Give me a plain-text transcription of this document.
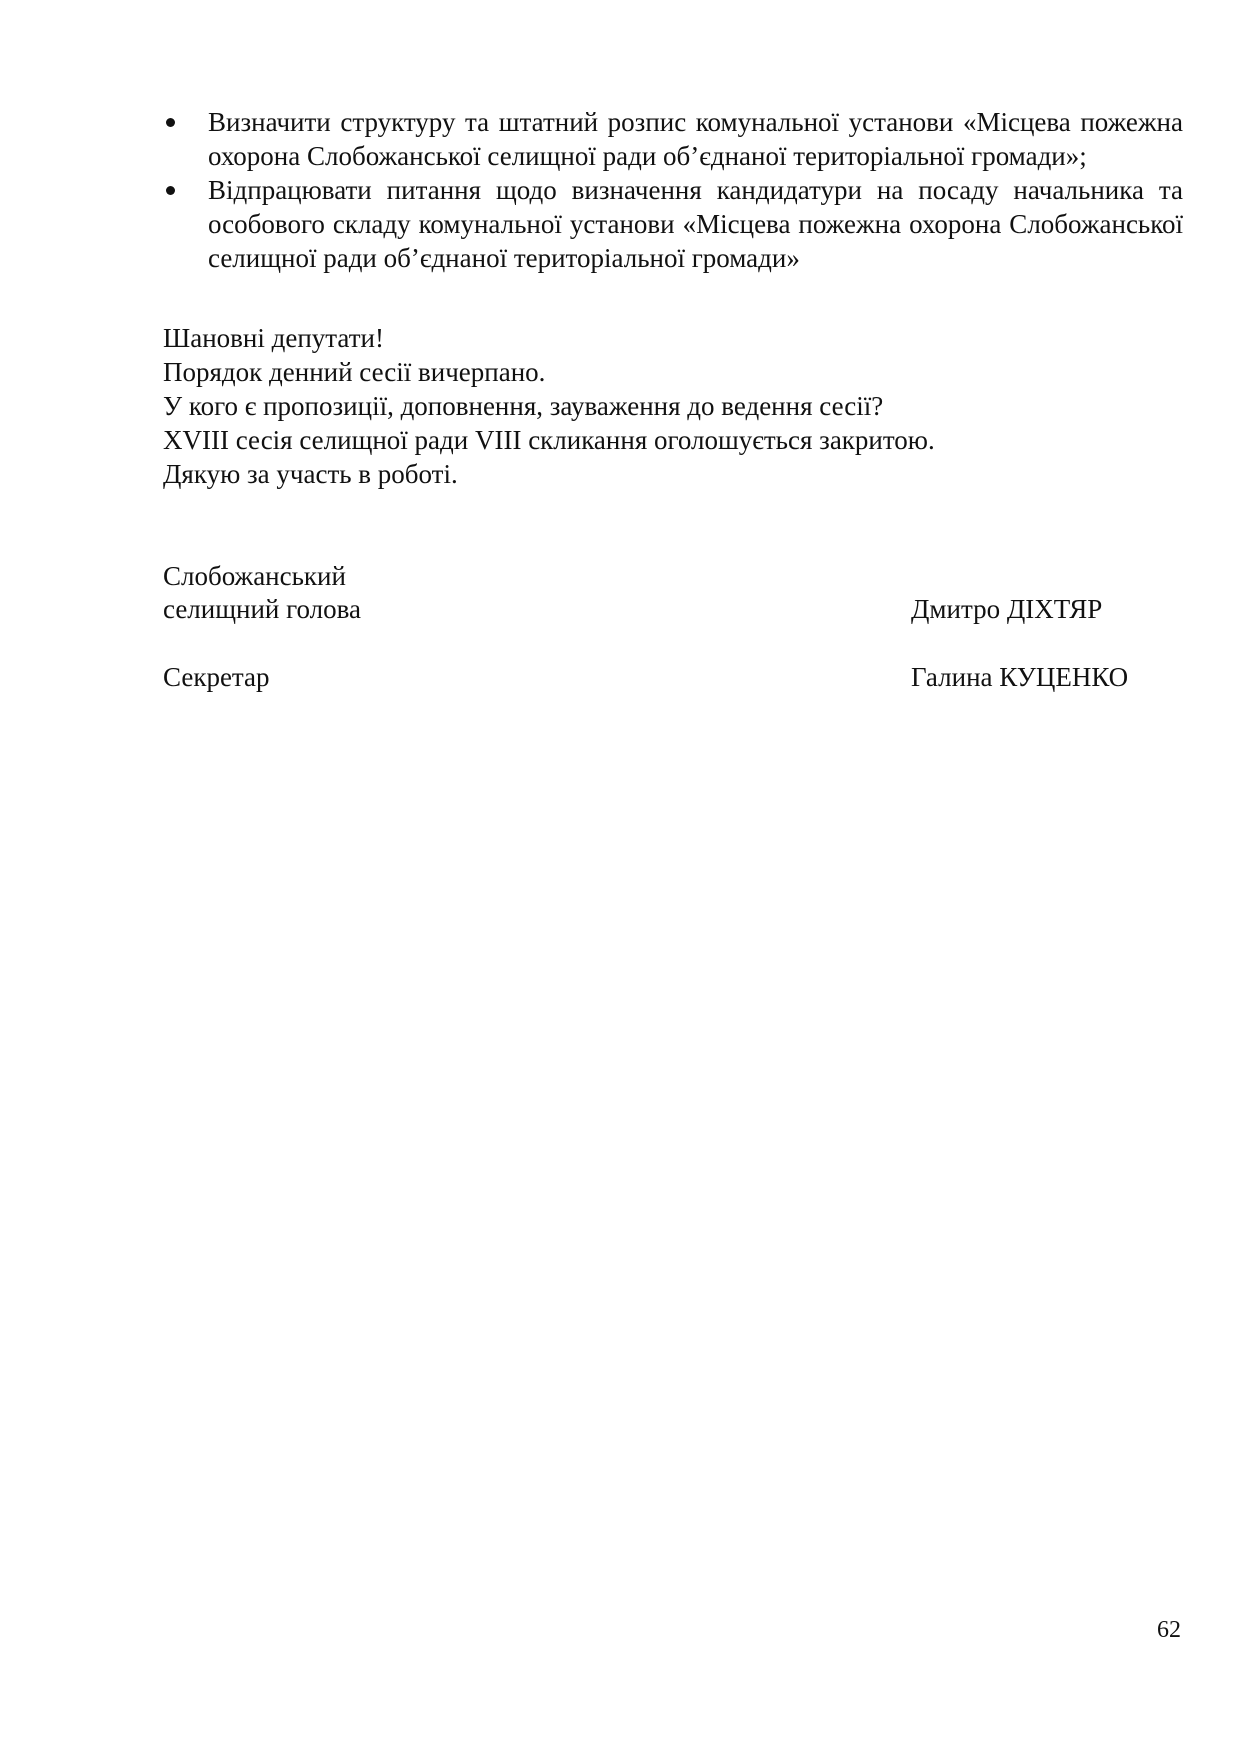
Визначити структуру та штатний розпис комунальної установи «Місцева пожежна охорона Слобожанської селищної ради об’єднаної територіальної громади»;
Відпрацювати питання щодо визначення кандидатури на посаду начальника та особового складу комунальної установи «Місцева пожежна охорона Слобожанської селищної ради об’єднаної територіальної громади»
Шановні депутати!
Порядок денний сесії вичерпано.
У кого є пропозиції, доповнення, зауваження до ведення сесії?
XVIII сесія селищної ради VIII скликання оголошується закритою.
Дякую за участь в роботі.
Слобожанський
селищний голова	Дмитро ДІХТЯР
Секретар	Галина КУЦЕНКО
62
